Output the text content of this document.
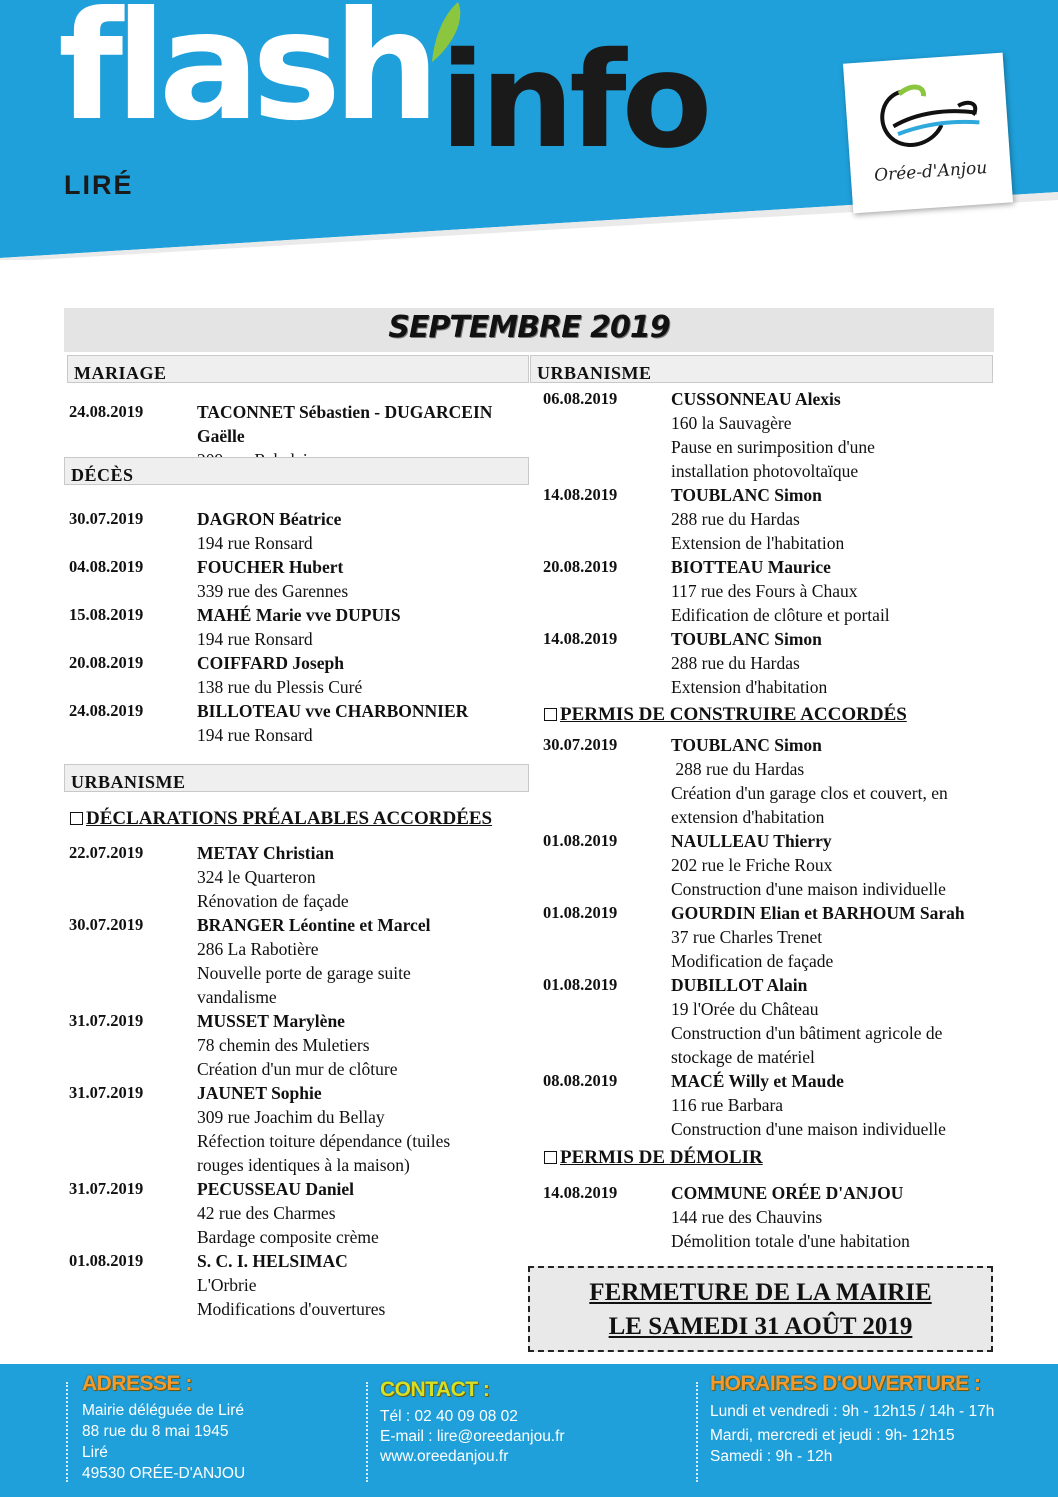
flash info
LIRÉ	Orée-d'Anjou
SEPTEMBRE 2019
MARIAGE
24.08.2019	TACONNET Sébastien - DUGARCEIN Gaëlle
DÉCÈS
30.07.2019	DAGRON Béatrice
194 rue Ronsard
04.08.2019	FOUCHER Hubert
339 rue des Garennes
15.08.2019	MAHÉ Marie vve DUPUIS
194 rue Ronsard
20.08.2019	COIFFARD Joseph
138 rue du Plessis Curé
24.08.2019	BILLOTEAU vve CHARBONNIER
194 rue Ronsard
URBANISME
DÉCLARATIONS PRÉALABLES ACCORDÉES
22.07.2019	METAY Christian
324 le Quarteron
Rénovation de façade
30.07.2019	BRANGER Léontine et Marcel
286 La Rabotière
Nouvelle porte de garage suite
vandalisme
31.07.2019	MUSSET Marylène
78 chemin des Muletiers
Création d'un mur de clôture
31.07.2019	JAUNET Sophie
309 rue Joachim du Bellay
Réfection toiture dépendance (tuiles
rouges identiques à la maison)
31.07.2019	PECUSSEAU Daniel
42 rue des Charmes
Bardage composite crème
01.08.2019	S. C. I. HELSIMAC
L'Orbrie
Modifications d'ouvertures
URBANISME
06.08.2019	CUSSONNEAU Alexis
160 la Sauvagère
Pause en surimposition d'une
installation photovoltaïque
14.08.2019	TOUBLANC Simon
288 rue du Hardas
Extension de l'habitation
20.08.2019	BIOTTEAU Maurice
117 rue des Fours à Chaux
Edification de clôture et portail
14.08.2019	TOUBLANC Simon
288 rue du Hardas
Extension d'habitation
PERMIS DE CONSTRUIRE ACCORDÉS
30.07.2019	TOUBLANC Simon
288 rue du Hardas
Création d'un garage clos et couvert, en
extension d'habitation
01.08.2019	NAULLEAU Thierry
202 rue le Friche Roux
Construction d'une maison individuelle
01.08.2019	GOURDIN Elian et BARHOUM Sarah
37 rue Charles Trenet
Modification de façade
01.08.2019	DUBILLOT Alain
19 l'Orée du Château
Construction d'un bâtiment agricole de
stockage de matériel
08.08.2019	MACÉ Willy et Maude
116 rue Barbara
Construction d'une maison individuelle
PERMIS DE DÉMOLIR
14.08.2019	COMMUNE ORÉE D'ANJOU
144 rue des Chauvins
Démolition totale d'une habitation
FERMETURE DE LA MAIRIE
LE SAMEDI 31 AOÛT 2019
ADRESSE :
Mairie déléguée de Liré
88 rue du 8 mai 1945
Liré
49530 ORÉE-D'ANJOU
CONTACT :
Tél : 02 40 09 08 02
E-mail : lire@oreedanjou.fr
www.oreedanjou.fr
HORAIRES D'OUVERTURE :
Lundi et vendredi : 9h - 12h15 / 14h - 17h
Mardi, mercredi et jeudi : 9h- 12h15
Samedi : 9h - 12h
